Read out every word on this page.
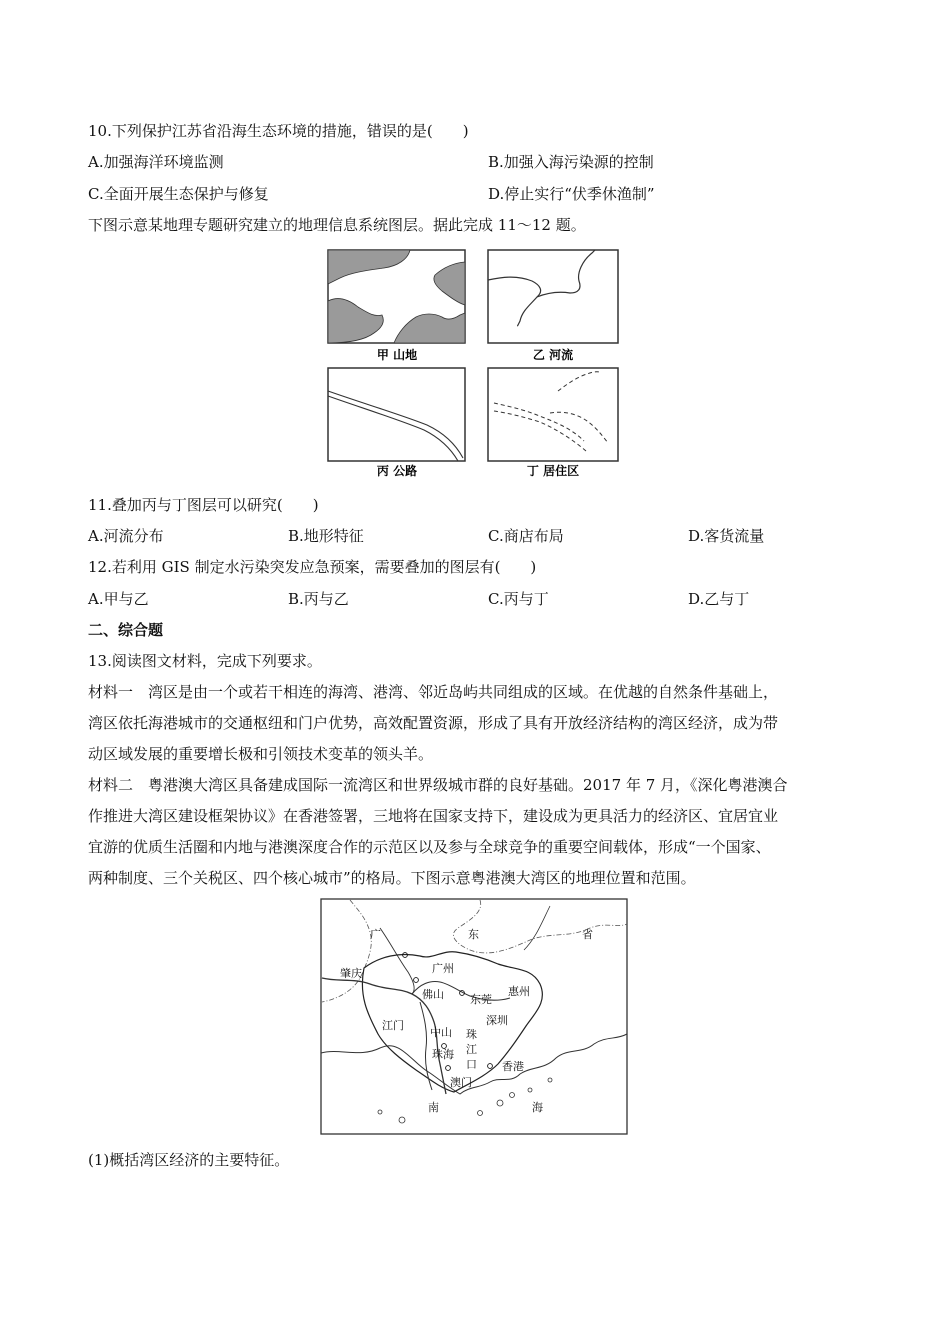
10.下列保护江苏省沿海生态环境的措施，错误的是(　　)
A.加强海洋环境监测	B.加强入海污染源的控制
C.全面开展生态保护与修复	D.停止实行“伏季休渔制”
下图示意某地理专题研究建立的地理信息系统图层。据此完成 11～12 题。
甲 山地	乙 河流
丙 公路	丁 居住区
11.叠加丙与丁图层可以研究(　　)
A.河流分布	B.地形特征	C.商店布局	D.客货流量
12.若利用 GIS 制定水污染突发应急预案，需要叠加的图层有(　　)
A.甲与乙	B.丙与乙	C.丙与丁	D.乙与丁
二、综合题
13.阅读图文材料，完成下列要求。
材料一　湾区是由一个或若干相连的海湾、港湾、邻近岛屿共同组成的区域。在优越的自然条件基础上，
湾区依托海港城市的交通枢纽和门户优势，高效配置资源，形成了具有开放经济结构的湾区经济，成为带
动区域发展的重要增长极和引领技术变革的领头羊。
材料二　粤港澳大湾区具备建成国际一流湾区和世界级城市群的良好基础。2017 年 7 月，《深化粤港澳合
作推进大湾区建设框架协议》在香港签署，三地将在国家支持下，建设成为更具活力的经济区、宜居宜业
宜游的优质生活圈和内地与港澳深度合作的示范区以及参与全球竞争的重要空间载体，形成“一个国家、
两种制度、三个关税区、四个核心城市”的格局。下图示意粤港澳大湾区的地理位置和范围。
广	东	省
肇庆	广州
佛山 东莞
惠州
江门
中山
深圳
珠
江
口
珠海
香港
澳门
南	海
(1)概括湾区经济的主要特征。
